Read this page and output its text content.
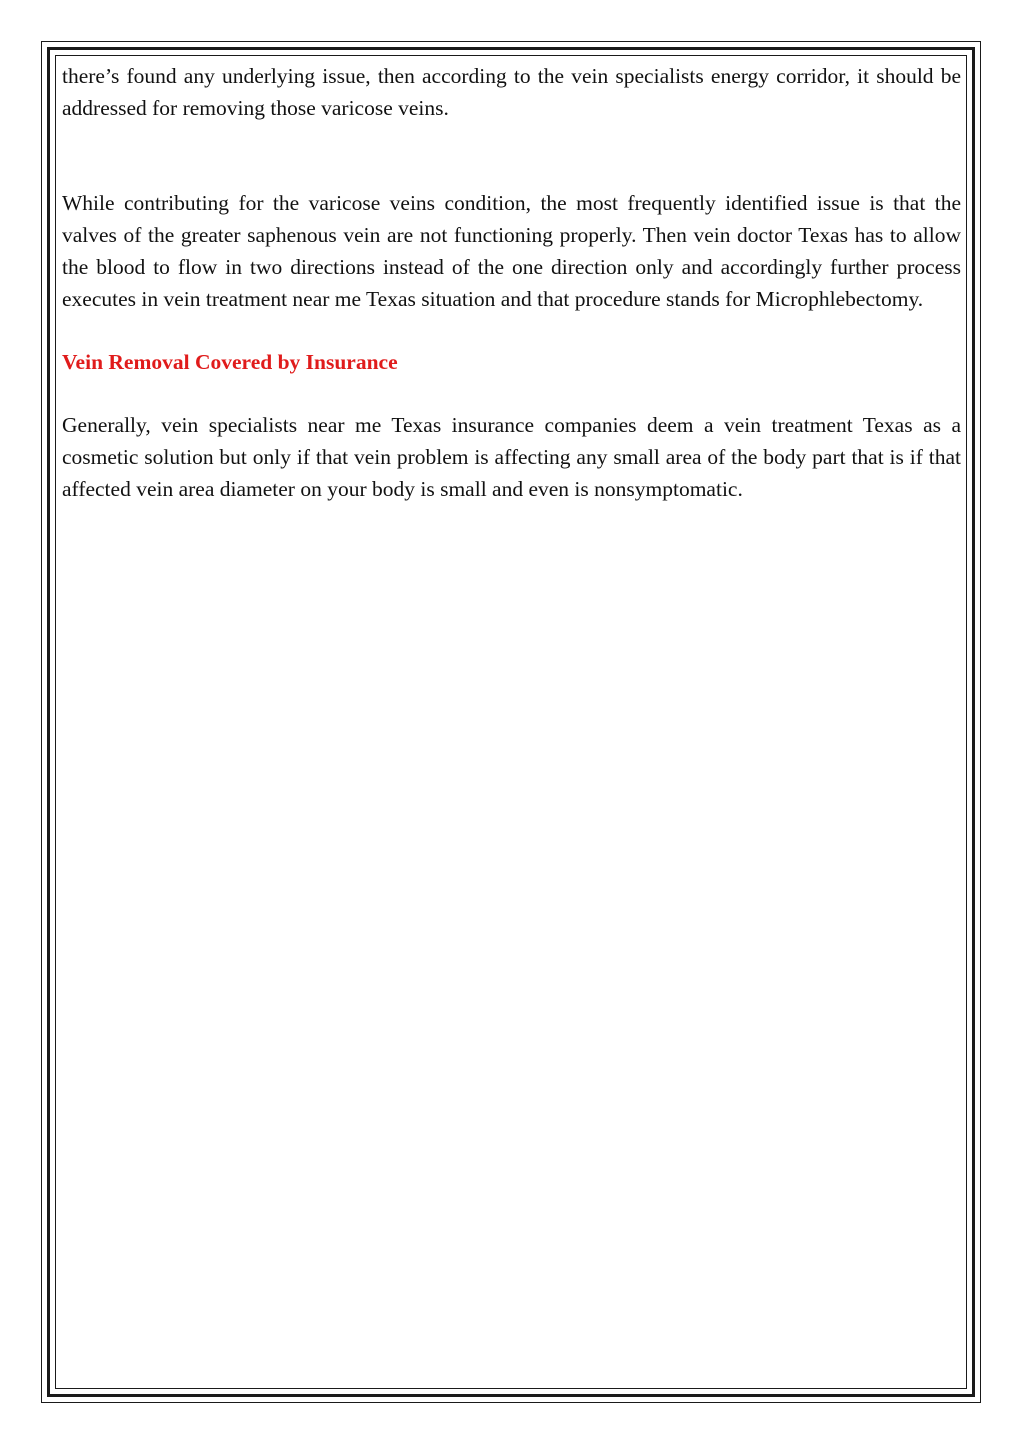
there’s found any underlying issue, then according to the vein specialists energy corridor, it should be addressed for removing those varicose veins.

While contributing for the varicose veins condition, the most frequently identified issue is that the valves of the greater saphenous vein are not functioning properly. Then vein doctor Texas has to allow the blood to flow in two directions instead of the one direction only and accordingly further process executes in vein treatment near me Texas situation and that procedure stands for Microphlebectomy.

Vein Removal Covered by Insurance

Generally, vein specialists near me Texas insurance companies deem a vein treatment Texas as a cosmetic solution but only if that vein problem is affecting any small area of the body part that is if that affected vein area diameter on your body is small and even is nonsymptomatic.
